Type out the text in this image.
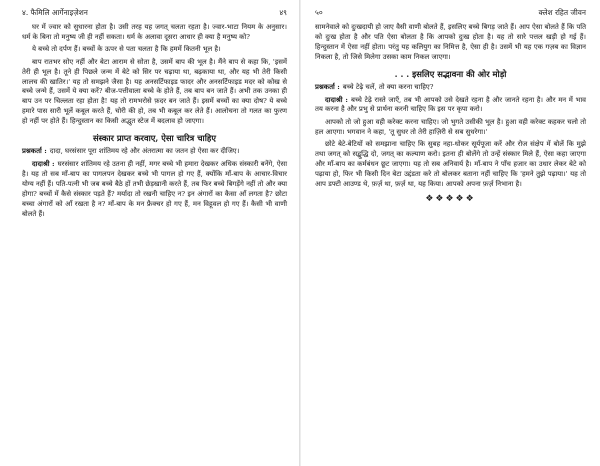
४. फैमिलि आर्गेनाइज़ेशन	४९

घर में ज्वार को सुधारना होता है। उसी तरह यह जगत् चलता रहता है। ज्वार-भाटा नियम के अनुसार। धर्म के बिना तो मनुष्य जी ही नहीं सकता। धर्म के अलावा दूसरा आधार ही क्या है मनुष्य को?

ये बच्चे तो दर्पण हैं। बच्चों के ऊपर से पता चलता है कि हममें कितनी भूल है।

बाप रातभर सोए नहीं और बेटा आराम से सोता है, उसमें बाप की भूल है। मैंने बाप से कहा कि, 'इसमें तेरी ही भूल है। तूने ही पिछले जन्म में बेटे को सिर पर चढ़ाया था, बढ़काया था, और यह भी तेरी किसी लालच की खातिर।' यह तो समझने जैसा है। यह अनसर्टिफाइड फादर और अनसर्टिफाइड मदर को कोख से बच्चे जन्मे हैं, उसमें ये क्या करें? बीज-पत्तीवाला बच्चे के होते हैं, तब बाप बन जाते हैं। अभी तक उनका ही बाप उन पर चिल्लता रहा होता है! यह तो रामभरोसे फ़दर बन जाते हैं। इसमें बच्चों का क्या दोष? ये बच्चे हमारे पास सारी भूलें कबूल करते हैं, चोरी की हो, तब भी कबूल कर लेते हैं। आलोचना तो गलत का फुरण हो नहीं पर होते हैं। हिन्दुस्तान का किसी अद्भुत स्टेज में बदलाव हो जाएगा।

संस्कार प्राप्त करवाए, ऐसा चारित्र चाहिए

प्रश्नकर्ता : दादा, घरसंसार पूरा शांतिमय रहे और अंतरात्मा का जतन हो ऐसा कर दीजिए।

दादाश्री : घरसंसार शांतिमय रहे उतना ही नहीं, मगर बच्चे भी हमारा देखकर अधिक संस्कारी बनेंगे, ऐसा है। यह तो सब माँ-बाप का पागलपन देखकर बच्चे भी पागल हो गए हैं, क्योंकि माँ-बाप के आचार-विचार योग्य नहीं हैं। पति-पत्नी भी जब बच्चे बैठे हों तभी छेड़खानी करते हैं, तब फिर बच्चे बिगड़ेंगे नहीं तो और क्या होगा? बच्चों में कैसे संस्कार पड़ते हैं? मर्यादा तो रखनी चाहिए न? इन अंगारों का कैसा आँ लगता है? छोटा बच्चा अंगारों को आँ रखता है न? माँ-बाप के मन फ्रैक्चर हो गए हैं, मन विहूवल हो गए हैं। कैसी भी वाणी बोलते हैं।

५०	क्लेश रहित जीवन

सामनेवाले को दुःखदायी हो जाए वैसी वाणी बोलते हैं, इसलिए बच्चे बिगड़ जाते हैं। आप ऐसा बोलते हैं कि पति को दुःख होता है और पति ऐसा बोलता है कि आपको दुःख होता है। यह तो सारे पत्तल खड़ी हो गई हैं। हिन्दुस्तान में ऐसा नहीं होता। परंतु यह कलियुग का निमित्त है, ऐसा ही है। उसमें भी यह एक गज़ब का विज्ञान निकला है, तो जिसे मिलेगा उसका काम निकल जाएगा।

. . . इसलिए सद्भावना की ओर मोड़ो

प्रश्नकर्ता : बच्चे टेढ़े चलें, तो क्या करना चाहिए?

दादाश्री : बच्चे टेढ़े रास्ते जाएँ, तब भी आपको उसे देखते रहना है और जानते रहना है। और मन में भाव तय करना है और प्रभु से प्रार्थना करनी चाहिए कि इस पर कृपा करो।

आपको तो जो हुआ वही करेक्ट करना चाहिए। जो भुगते उसीकी भूल है। हुआ वही करेक्ट कहकर चलो तो हल आएगा। भगवान ने कहा, 'तू सुधर तो तेरी हाज़िरी से सब सुधरेगा।'

छोटे बेटे-बेटियों को समझाना चाहिए कि सुबह नहा-धोकर सूर्यपूजा करें और रोज संक्षेप में बोलें कि मुझे तथा जगत् को सद्बुद्धि दो, जगत् का कल्याण करो। इतना ही बोलेंगे तो उन्हें संस्कार मिले हैं, ऐसा कहा जाएगा और माँ-बाप का कर्मबंधन छूट जाएगा। यह तो सब अनिवार्य है। माँ-बाप ने पाँच हजार का उधार लेकर बेटे को पढ़ाया हो, फिर भी किसी दिन बेटा उद्दंडता करे तो बोलकर बताना नहीं चाहिए कि 'हमने तुझे पढ़ाया।' यह तो आप डफ्टी आउण्ड थे, फ़र्ज़ था, फ़र्ज़ था, यह किया। आपको अपना फ़र्ज़ निभाना है।

❖❖❖❖❖
